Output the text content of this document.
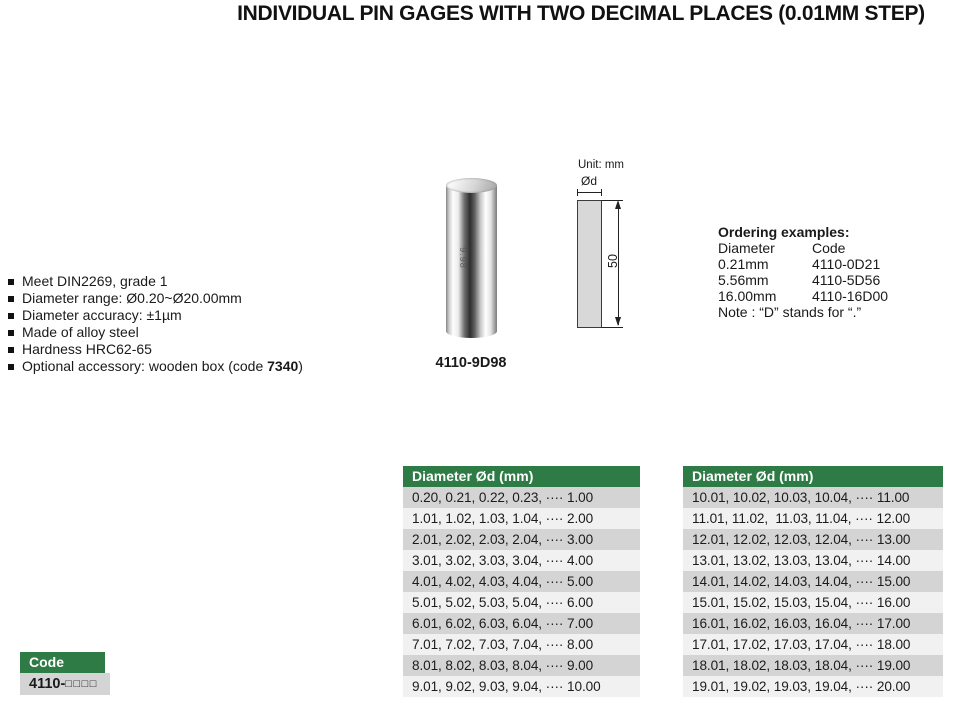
INDIVIDUAL PIN GAGES WITH TWO DECIMAL PLACES (0.01MM STEP)
Meet DIN2269, grade 1
Diameter range: Ø0.20~Ø20.00mm
Diameter accuracy: ±1µm
Made of alloy steel
Hardness HRC62-65
Optional accessory: wooden box (code 7340)
9.98
4110-9D98
Unit: mm
Ød
50
Ordering examples:
Diameter	Code
0.21mm	4110-0D21
5.56mm	4110-5D56
16.00mm	4110-16D00
Note : “D” stands for “.”
Diameter Ød (mm)
0.20, 0.21, 0.22, 0.23, ···· 1.00
1.01, 1.02, 1.03, 1.04, ···· 2.00
2.01, 2.02, 2.03, 2.04, ···· 3.00
3.01, 3.02, 3.03, 3.04, ···· 4.00
4.01, 4.02, 4.03, 4.04, ···· 5.00
5.01, 5.02, 5.03, 5.04, ···· 6.00
6.01, 6.02, 6.03, 6.04, ···· 7.00
7.01, 7.02, 7.03, 7.04, ···· 8.00
8.01, 8.02, 8.03, 8.04, ···· 9.00
9.01, 9.02, 9.03, 9.04, ···· 10.00
Diameter Ød (mm)
10.01, 10.02, 10.03, 10.04, ···· 11.00
11.01, 11.02,  11.03, 11.04, ···· 12.00
12.01, 12.02, 12.03, 12.04, ···· 13.00
13.01, 13.02, 13.03, 13.04, ···· 14.00
14.01, 14.02, 14.03, 14.04, ···· 15.00
15.01, 15.02, 15.03, 15.04, ···· 16.00
16.01, 16.02, 16.03, 16.04, ···· 17.00
17.01, 17.02, 17.03, 17.04, ···· 18.00
18.01, 18.02, 18.03, 18.04, ···· 19.00
19.01, 19.02, 19.03, 19.04, ···· 20.00
Code
4110-□□□□
